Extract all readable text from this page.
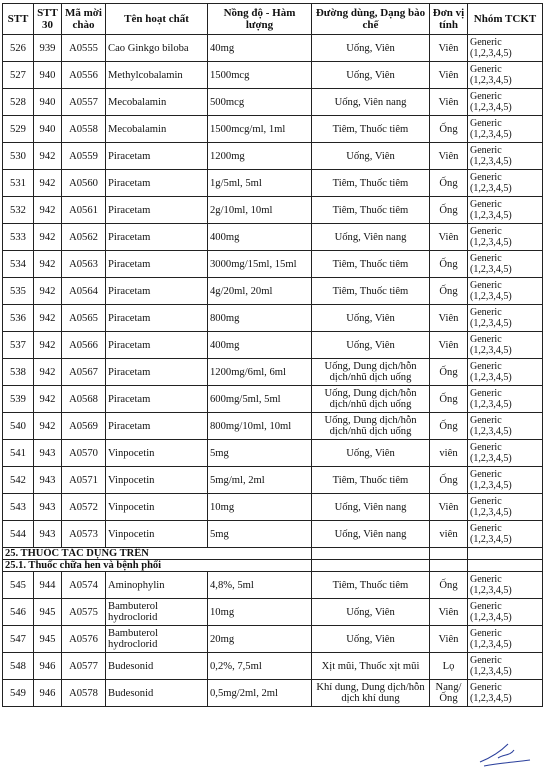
STT	STT 30	Mã mời chào	Tên hoạt chất	Nồng độ - Hàm lượng	Đường dùng, Dạng bào chế	Đơn vị tính	Nhóm TCKT
526	939	A0555	Cao Ginkgo biloba	40mg	Uống, Viên	Viên	Generic (1,2,3,4,5)
527	940	A0556	Methylcobalamin	1500mcg	Uống, Viên	Viên	Generic (1,2,3,4,5)
528	940	A0557	Mecobalamin	500mcg	Uống, Viên nang	Viên	Generic (1,2,3,4,5)
529	940	A0558	Mecobalamin	1500mcg/ml, 1ml	Tiêm, Thuốc tiêm	Ống	Generic (1,2,3,4,5)
530	942	A0559	Piracetam	1200mg	Uống, Viên	Viên	Generic (1,2,3,4,5)
531	942	A0560	Piracetam	1g/5ml, 5ml	Tiêm, Thuốc tiêm	Ống	Generic (1,2,3,4,5)
532	942	A0561	Piracetam	2g/10ml, 10ml	Tiêm, Thuốc tiêm	Ống	Generic (1,2,3,4,5)
533	942	A0562	Piracetam	400mg	Uống, Viên nang	Viên	Generic (1,2,3,4,5)
534	942	A0563	Piracetam	3000mg/15ml, 15ml	Tiêm, Thuốc tiêm	Ống	Generic (1,2,3,4,5)
535	942	A0564	Piracetam	4g/20ml, 20ml	Tiêm, Thuốc tiêm	Ống	Generic (1,2,3,4,5)
536	942	A0565	Piracetam	800mg	Uống, Viên	Viên	Generic (1,2,3,4,5)
537	942	A0566	Piracetam	400mg	Uống, Viên	Viên	Generic (1,2,3,4,5)
538	942	A0567	Piracetam	1200mg/6ml, 6ml	Uống, Dung dịch/hỗn dịch/nhũ dịch uống	Ống	Generic (1,2,3,4,5)
539	942	A0568	Piracetam	600mg/5ml, 5ml	Uống, Dung dịch/hỗn dịch/nhũ dịch uống	Ống	Generic (1,2,3,4,5)
540	942	A0569	Piracetam	800mg/10ml, 10ml	Uống, Dung dịch/hỗn dịch/nhũ dịch uống	Ống	Generic (1,2,3,4,5)
541	943	A0570	Vinpocetin	5mg	Uống, Viên	viên	Generic (1,2,3,4,5)
542	943	A0571	Vinpocetin	5mg/ml, 2ml	Tiêm, Thuốc tiêm	Ống	Generic (1,2,3,4,5)
543	943	A0572	Vinpocetin	10mg	Uống, Viên nang	Viên	Generic (1,2,3,4,5)
544	943	A0573	Vinpocetin	5mg	Uống, Viên nang	viên	Generic (1,2,3,4,5)
25. THUỐC TÁC DỤNG TRÊN							
25.1. Thuốc chữa hen và bệnh phổi							
545	944	A0574	Aminophylin	4,8%, 5ml	Tiêm, Thuốc tiêm	Ống	Generic (1,2,3,4,5)
546	945	A0575	Bambuterol hydroclorid	10mg	Uống, Viên	Viên	Generic (1,2,3,4,5)
547	945	A0576	Bambuterol hydroclorid	20mg	Uống, Viên	Viên	Generic (1,2,3,4,5)
548	946	A0577	Budesonid	0,2%, 7,5ml	Xịt mũi, Thuốc xịt mũi	Lọ	Generic (1,2,3,4,5)
549	946	A0578	Budesonid	0,5mg/2ml, 2ml	Khí dung, Dung dịch/hỗn dịch khí dung	Nang/ Ống	Generic (1,2,3,4,5)
